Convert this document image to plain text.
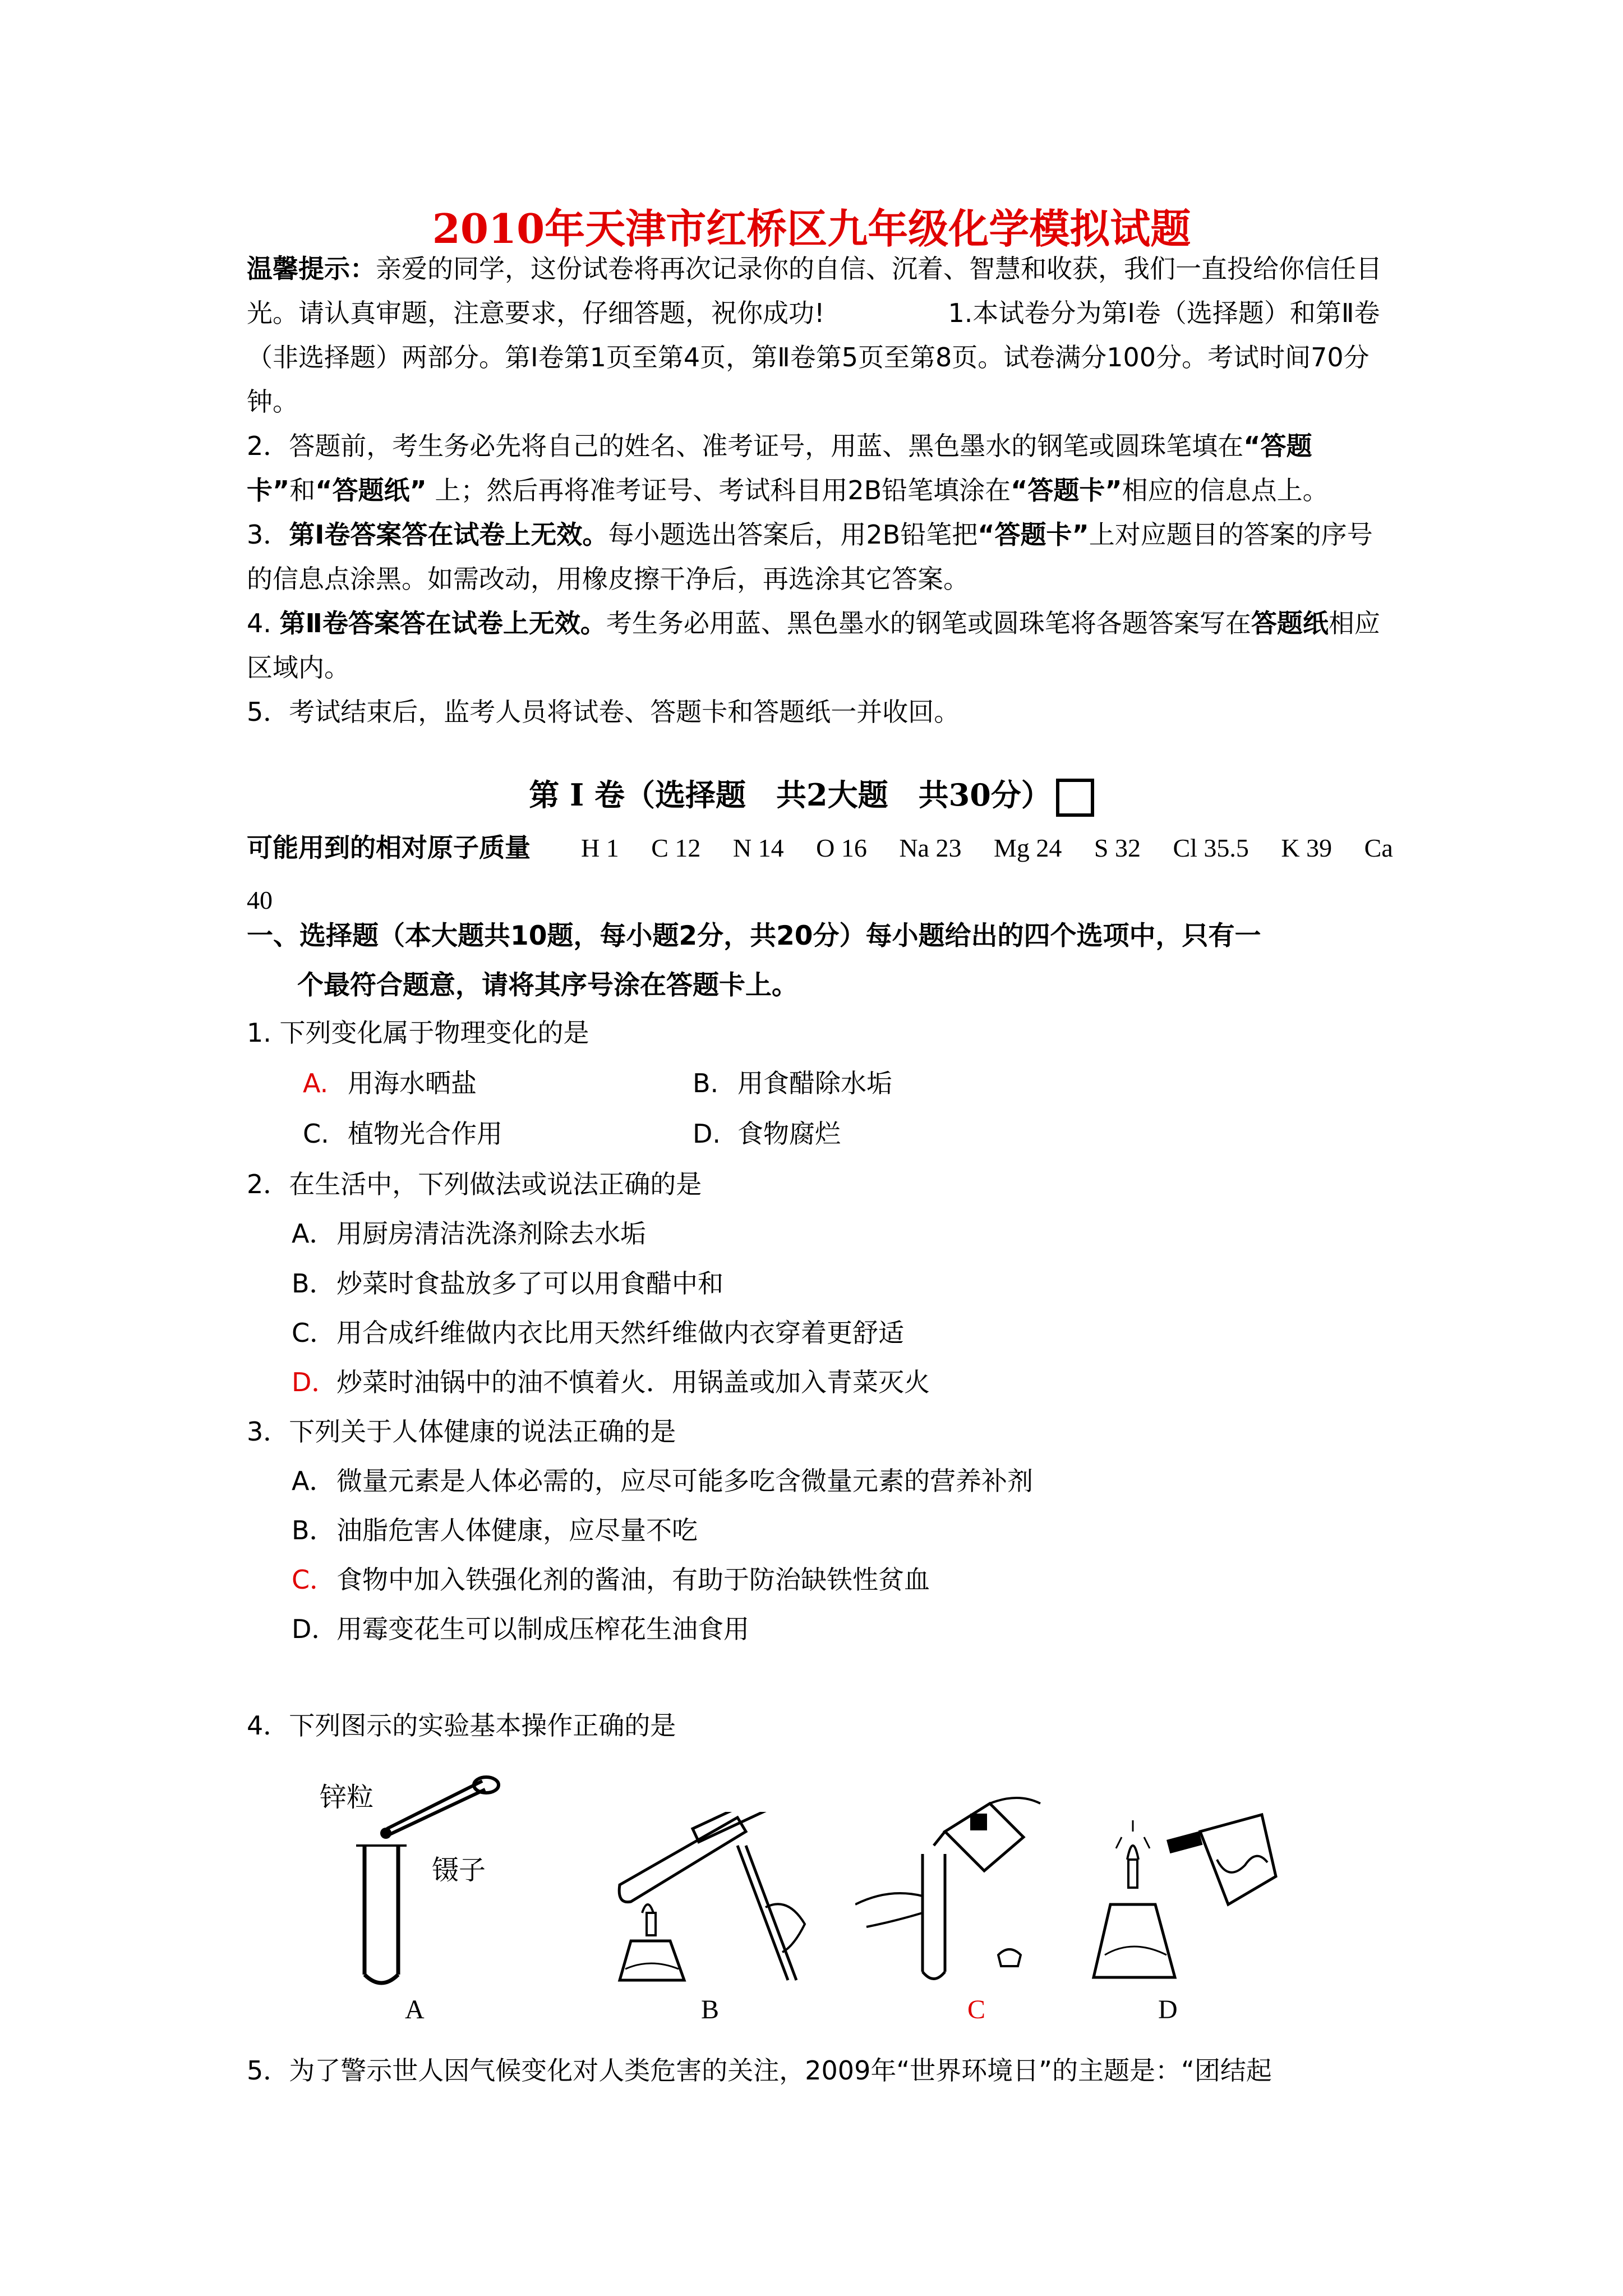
2010年天津市红桥区九年级化学模拟试题

温馨提示：亲爱的同学，这份试卷将再次记录你的自信、沉着、智慧和收获，我们一直投给你信任目光。请认真审题，注意要求，仔细答题，祝你成功!	1.本试卷分为第Ⅰ卷（选择题）和第Ⅱ卷（非选择题）两部分。第Ⅰ卷第1页至第4页，第Ⅱ卷第5页至第8页。试卷满分100分。考试时间70分钟。

2．答题前，考生务必先将自己的姓名、准考证号，用蓝、黑色墨水的钢笔或圆珠笔填在“答题卡”和“答题纸” 上；然后再将准考证号、考试科目用2B铅笔填涂在“答题卡”相应的信息点上。

3．第Ⅰ卷答案答在试卷上无效。每小题选出答案后，用2B铅笔把“答题卡”上对应题目的答案的序号的信息点涂黑。如需改动，用橡皮擦干净后，再选涂其它答案。

4. 第Ⅱ卷答案答在试卷上无效。考生务必用蓝、黑色墨水的钢笔或圆珠笔将各题答案写在答题纸相应区域内。

5．考试结束后，监考人员将试卷、答题卡和答题纸一并收回。

第 Ⅰ 卷（选择题　共2大题　共30分）
可能用到的相对原子质量 H 1　 C 12　 N 14　 O 16　 Na 23　 Mg 24　 S 32　 Cl 35.5　 K 39　 Ca 40
一、选择题（本大题共10题，每小题2分，共20分）每小题给出的四个选项中，只有一
个最符合题意，请将其序号涂在答题卡上。
1. 下列变化属于物理变化的是
A. 用海水晒盐	B. 用食醋除水垢
C. 植物光合作用	D. 食物腐烂
2．在生活中，下列做法或说法正确的是
A．用厨房清洁洗涤剂除去水垢
B．炒菜时食盐放多了可以用食醋中和
C．用合成纤维做内衣比用天然纤维做内衣穿着更舒适
D．炒菜时油锅中的油不慎着火．用锅盖或加入青菜灭火
3．下列关于人体健康的说法正确的是
A．微量元素是人体必需的，应尽可能多吃含微量元素的营养补剂
B．油脂危害人体健康，应尽量不吃
C．食物中加入铁强化剂的酱油，有助于防治缺铁性贫血
D．用霉变花生可以制成压榨花生油食用
4．下列图示的实验基本操作正确的是
锌粒
镊子
A	B	C	D
5．为了警示世人因气候变化对人类危害的关注，2009年“世界环境日”的主题是：“团结起
